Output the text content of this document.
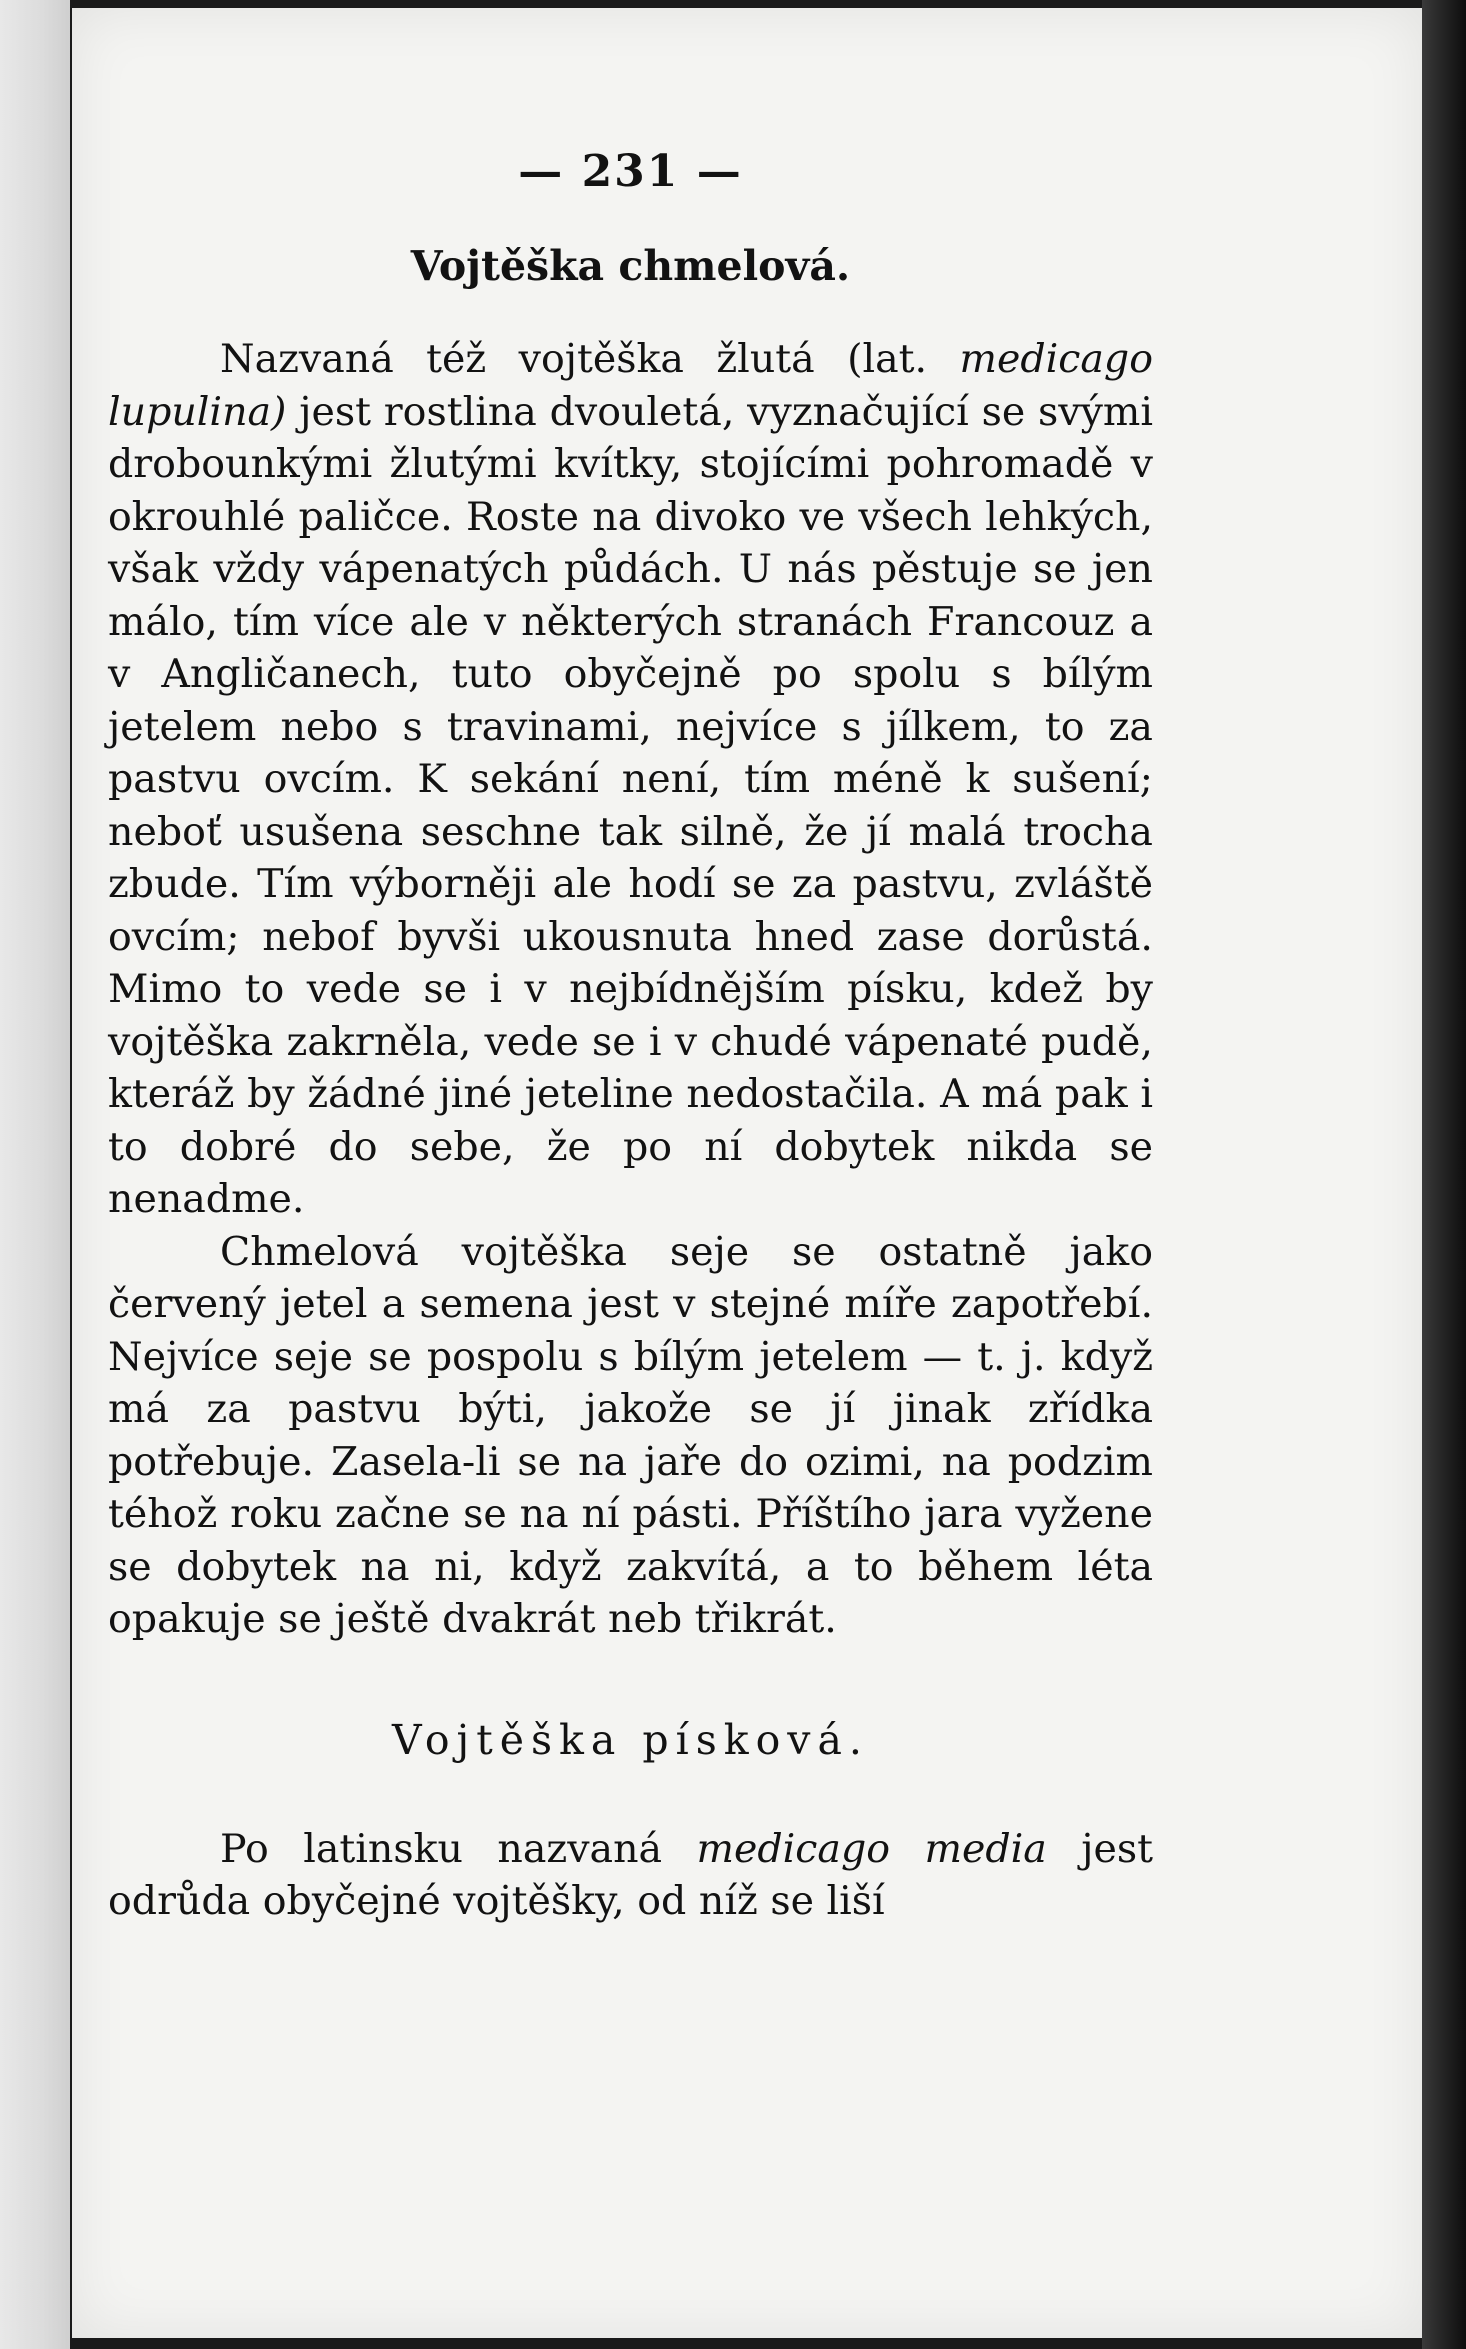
— 231 —
Vojtěška chmelová.

Nazvaná též vojtěška žlutá (lat. medicago lupulina) jest rostlina dvouletá, vyznačující se svými drobounkými žlutými kvítky, stojícími pohromadě v okrouhlé paličce. Roste na divoko ve všech lehkých, však vždy vápenatých půdách. U nás pěstuje se jen málo, tím více ale v některých stranách Francouz a v Angličanech, tuto obyčejně po spolu s bílým jetelem nebo s travinami, nejvíce s jílkem, to za pastvu ovcím. K sekání není, tím méně k sušení; neboť usušena seschne tak silně, že jí malá trocha zbude. Tím výborněji ale hodí se za pastvu, zvláště ovcím; nebof byvši ukousnuta hned zase dorůstá. Mimo to vede se i v nejbídnějším písku, kdež by vojtěška zakrněla, vede se i v chudé vápenaté pudě, kteráž by žádné jiné jeteline nedostačila. A má pak i to dobré do sebe, že po ní dobytek nikda se nenadme.

Chmelová vojtěška seje se ostatně jako červený jetel a semena jest v stejné míře zapotřebí. Nejvíce seje se pospolu s bílým jetelem — t. j. když má za pastvu býti, jakože se jí jinak zřídka potřebuje. Zasela-li se na jaře do ozimi, na podzim téhož roku začne se na ní pásti. Příštího jara vyžene se dobytek na ni, když zakvítá, a to během léta opakuje se ještě dvakrát neb třikrát.

Vojtěška písková.

Po latinsku nazvaná medicago media jest odrůda obyčejné vojtěšky, od níž se liší
